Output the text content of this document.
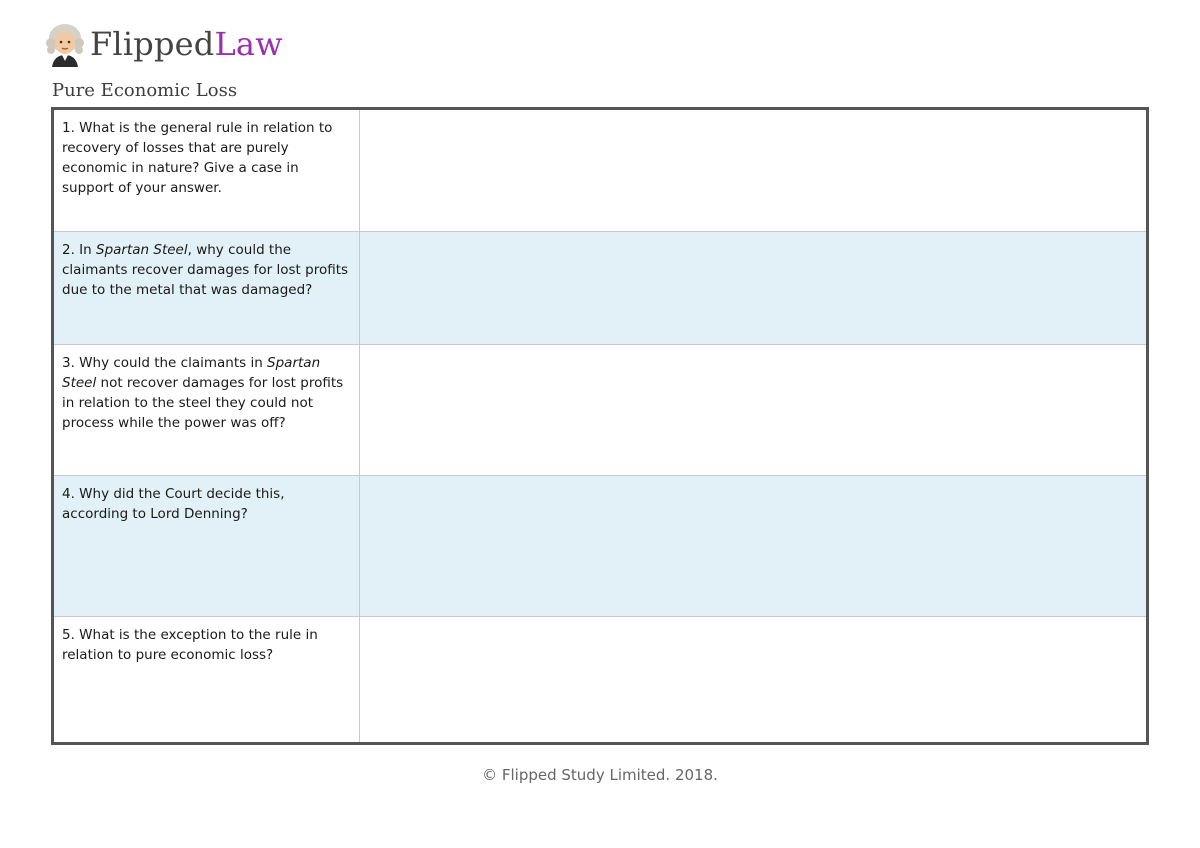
FlippedLaw
Pure Economic Loss
1. What is the general rule in relation to recovery of losses that are purely economic in nature? Give a case in support of your answer.	
2. In Spartan Steel, why could the claimants recover damages for lost profits due to the metal that was damaged?	
3. Why could the claimants in Spartan Steel not recover damages for lost profits in relation to the steel they could not process while the power was off?	
4. Why did the Court decide this, according to Lord Denning?	
5. What is the exception to the rule in relation to pure economic loss?	
© Flipped Study Limited. 2018.
